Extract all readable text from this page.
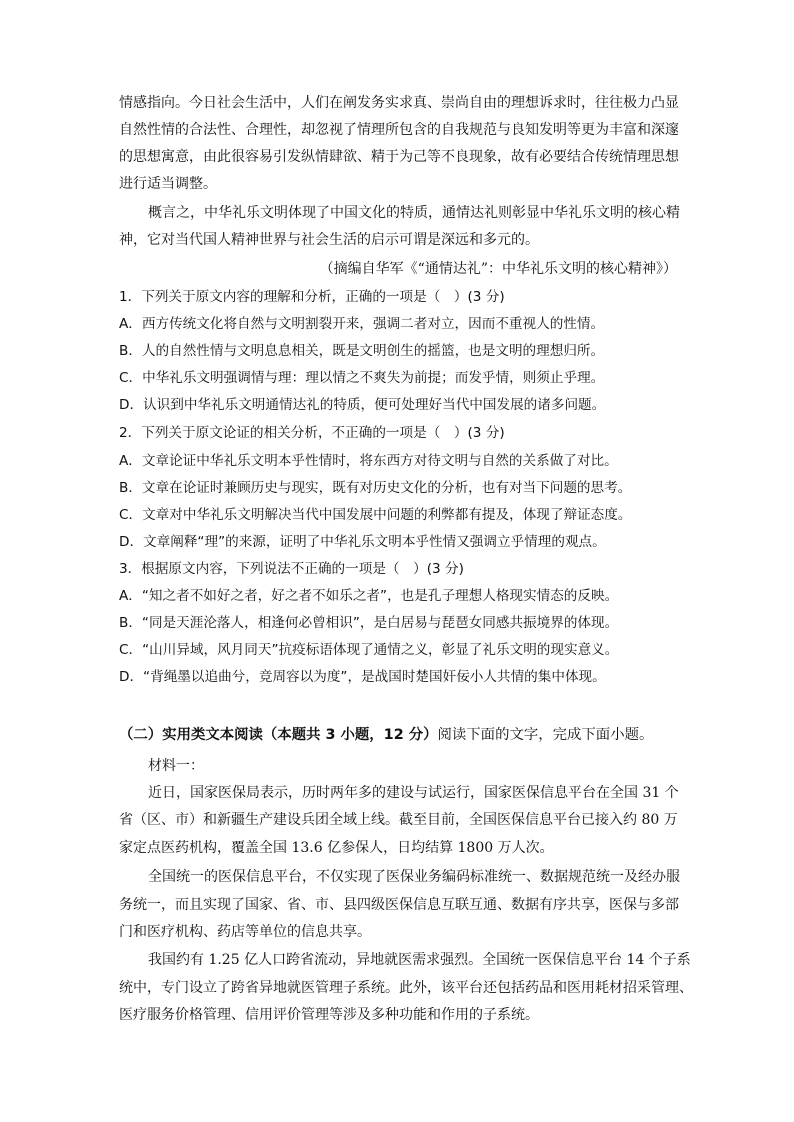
情感指向。今日社会生活中，人们在阐发务实求真、崇尚自由的理想诉求时，往往极力凸显
自然性情的合法性、合理性，却忽视了情理所包含的自我规范与良知发明等更为丰富和深邃
的思想寓意，由此很容易引发纵情肆欲、精于为己等不良现象，故有必要结合传统情理思想
进行适当调整。
概言之，中华礼乐文明体现了中国文化的特质，通情达礼则彰显中华礼乐文明的核心精
神，它对当代国人精神世界与社会生活的启示可谓是深远和多元的。
（摘编自华军《“通情达礼”：中华礼乐文明的核心精神》）
1．下列关于原文内容的理解和分析，正确的一项是（　）(3 分)
A．西方传统文化将自然与文明割裂开来，强调二者对立，因而不重视人的性情。
B．人的自然性情与文明息息相关，既是文明创生的摇篮，也是文明的理想归所。
C．中华礼乐文明强调情与理：理以情之不爽失为前提；而发乎情，则须止乎理。
D．认识到中华礼乐文明通情达礼的特质，便可处理好当代中国发展的诸多问题。
2．下列关于原文论证的相关分析，不正确的一项是（　）(3 分)
A．文章论证中华礼乐文明本乎性情时，将东西方对待文明与自然的关系做了对比。
B．文章在论证时兼顾历史与现实，既有对历史文化的分析，也有对当下问题的思考。
C．文章对中华礼乐文明解决当代中国发展中问题的利弊都有提及，体现了辩证态度。
D．文章阐释“理”的来源，证明了中华礼乐文明本乎性情又强调立乎情理的观点。
3．根据原文内容，下列说法不正确的一项是（　）(3 分)
A．“知之者不如好之者，好之者不如乐之者”，也是孔子理想人格现实情态的反映。
B．“同是天涯沦落人，相逢何必曾相识”，是白居易与琵琶女同感共振境界的体现。
C．“山川异域，风月同天”抗疫标语体现了通情之义，彰显了礼乐文明的现实意义。
D．“背绳墨以追曲兮，竞周容以为度”，是战国时楚国奸佞小人共情的集中体现。
（二）实用类文本阅读（本题共 3 小题，12 分）阅读下面的文字，完成下面小题。
材料一：
近日，国家医保局表示，历时两年多的建设与试运行，国家医保信息平台在全国 31 个
省（区、市）和新疆生产建设兵团全域上线。截至目前，全国医保信息平台已接入约 80 万
家定点医药机构，覆盖全国 13.6 亿参保人，日均结算 1800 万人次。
全国统一的医保信息平台，不仅实现了医保业务编码标准统一、数据规范统一及经办服
务统一，而且实现了国家、省、市、县四级医保信息互联互通、数据有序共享，医保与多部
门和医疗机构、药店等单位的信息共享。
我国约有 1.25 亿人口跨省流动，异地就医需求强烈。全国统一医保信息平台 14 个子系
统中，专门设立了跨省异地就医管理子系统。此外，该平台还包括药品和医用耗材招采管理、
医疗服务价格管理、信用评价管理等涉及多种功能和作用的子系统。
